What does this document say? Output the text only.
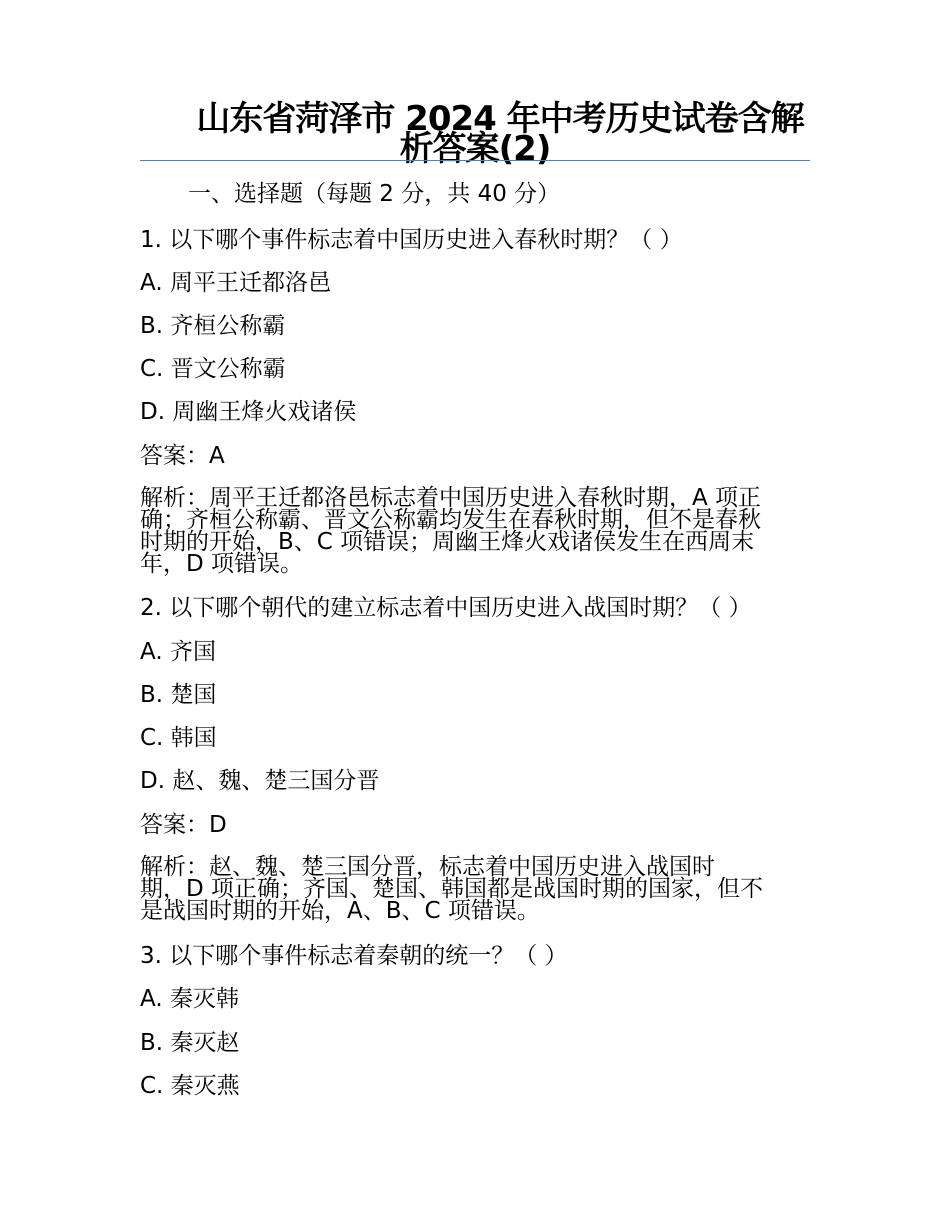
山东省菏泽市 2024 年中考历史试卷含解
析答案(2)
一、选择题（每题 2 分，共 40 分）
1. 以下哪个事件标志着中国历史进入春秋时期？（ ）
A. 周平王迁都洛邑
B. 齐桓公称霸
C. 晋文公称霸
D. 周幽王烽火戏诸侯
答案：A
解析：周平王迁都洛邑标志着中国历史进入春秋时期，A 项正
确；齐桓公称霸、晋文公称霸均发生在春秋时期，但不是春秋
时期的开始，B、C 项错误；周幽王烽火戏诸侯发生在西周末
年，D 项错误。
2. 以下哪个朝代的建立标志着中国历史进入战国时期？（ ）
A. 齐国
B. 楚国
C. 韩国
D. 赵、魏、楚三国分晋
答案：D
解析：赵、魏、楚三国分晋，标志着中国历史进入战国时
期，D 项正确；齐国、楚国、韩国都是战国时期的国家，但不
是战国时期的开始，A、B、C 项错误。
3. 以下哪个事件标志着秦朝的统一？（ ）
A. 秦灭韩
B. 秦灭赵
C. 秦灭燕
